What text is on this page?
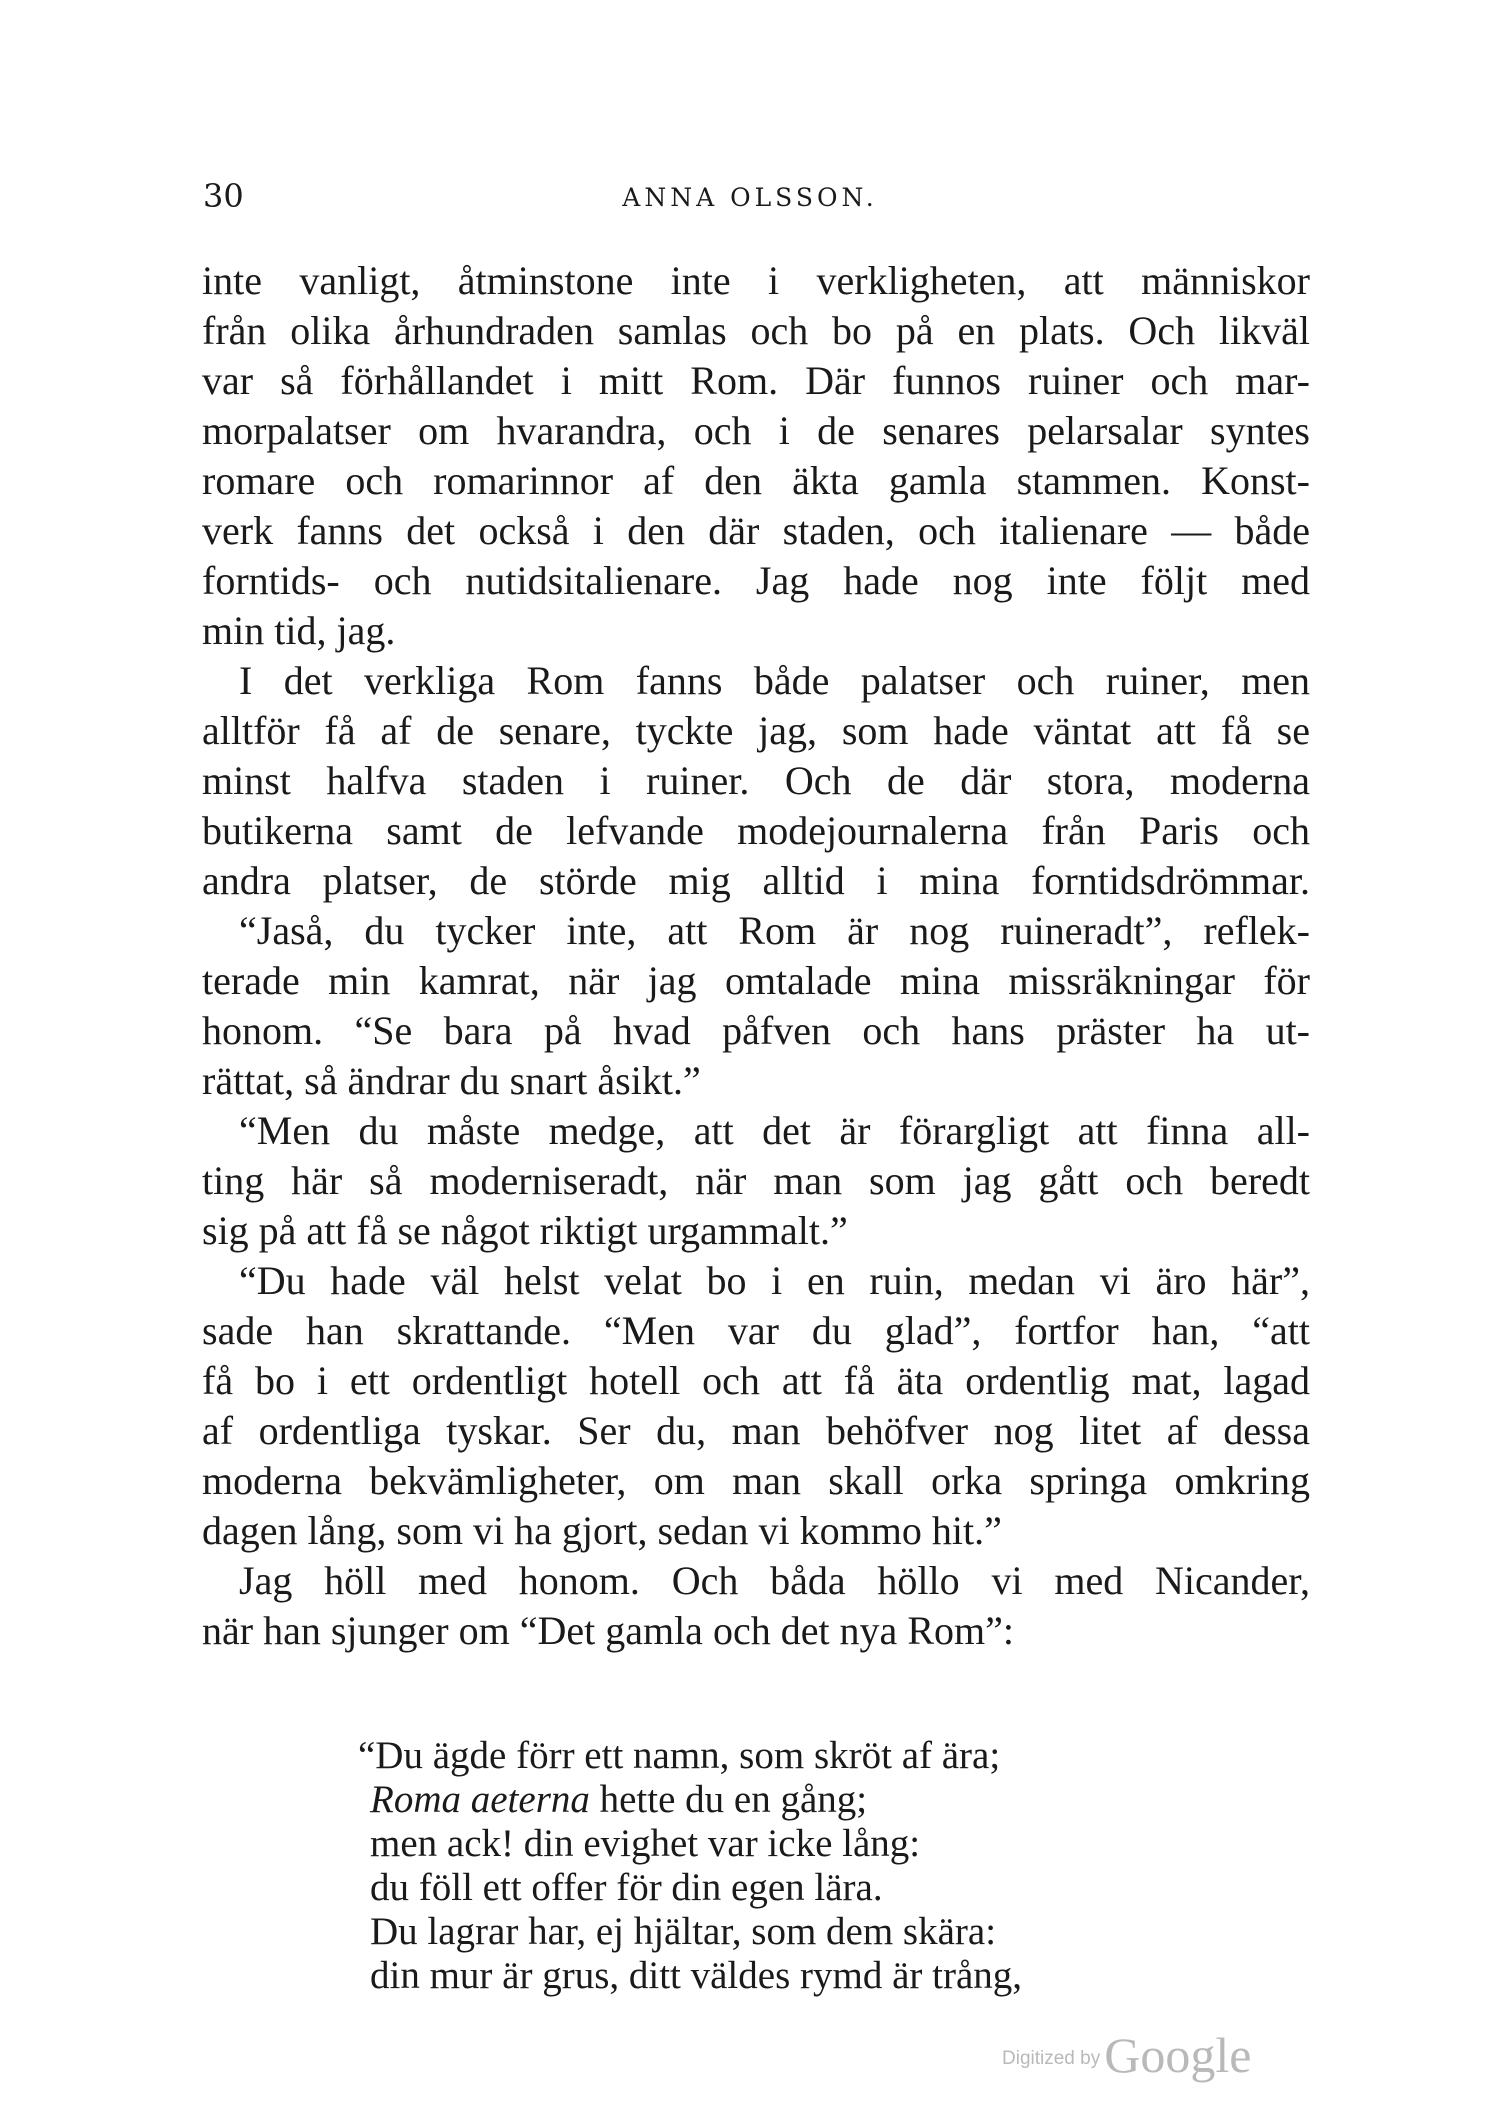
30	ANNA OLSSON.
inte vanligt, åtminstone inte i verkligheten, att människor
från olika århundraden samlas och bo på en plats. Och likväl
var så förhållandet i mitt Rom. Där funnos ruiner och mar-
morpalatser om hvarandra, och i de senares pelarsalar syntes
romare och romarinnor af den äkta gamla stammen. Konst-
verk fanns det också i den där staden, och italienare — både
forntids- och nutidsitalienare. Jag hade nog inte följt med
min tid, jag.
I det verkliga Rom fanns både palatser och ruiner, men
alltför få af de senare, tyckte jag, som hade väntat att få se
minst halfva staden i ruiner. Och de där stora, moderna
butikerna samt de lefvande modejournalerna från Paris och
andra platser, de störde mig alltid i mina forntidsdrömmar.
“Jaså, du tycker inte, att Rom är nog ruineradt”, reflek-
terade min kamrat, när jag omtalade mina missräkningar för
honom. “Se bara på hvad påfven och hans präster ha ut-
rättat, så ändrar du snart åsikt.”
“Men du måste medge, att det är förargligt att finna all-
ting här så moderniseradt, när man som jag gått och beredt
sig på att få se något riktigt urgammalt.”
“Du hade väl helst velat bo i en ruin, medan vi äro här”,
sade han skrattande. “Men var du glad”, fortfor han, “att
få bo i ett ordentligt hotell och att få äta ordentlig mat, lagad
af ordentliga tyskar. Ser du, man behöfver nog litet af dessa
moderna bekvämligheter, om man skall orka springa omkring
dagen lång, som vi ha gjort, sedan vi kommo hit.”
Jag höll med honom. Och båda höllo vi med Nicander,
när han sjunger om “Det gamla och det nya Rom”:
“Du ägde förr ett namn, som skröt af ära;
Roma aeterna hette du en gång;
men ack! din evighet var icke lång:
du föll ett offer för din egen lära.
Du lagrar har, ej hjältar, som dem skära:
din mur är grus, ditt väldes rymd är trång,
Digitized byGoogle
